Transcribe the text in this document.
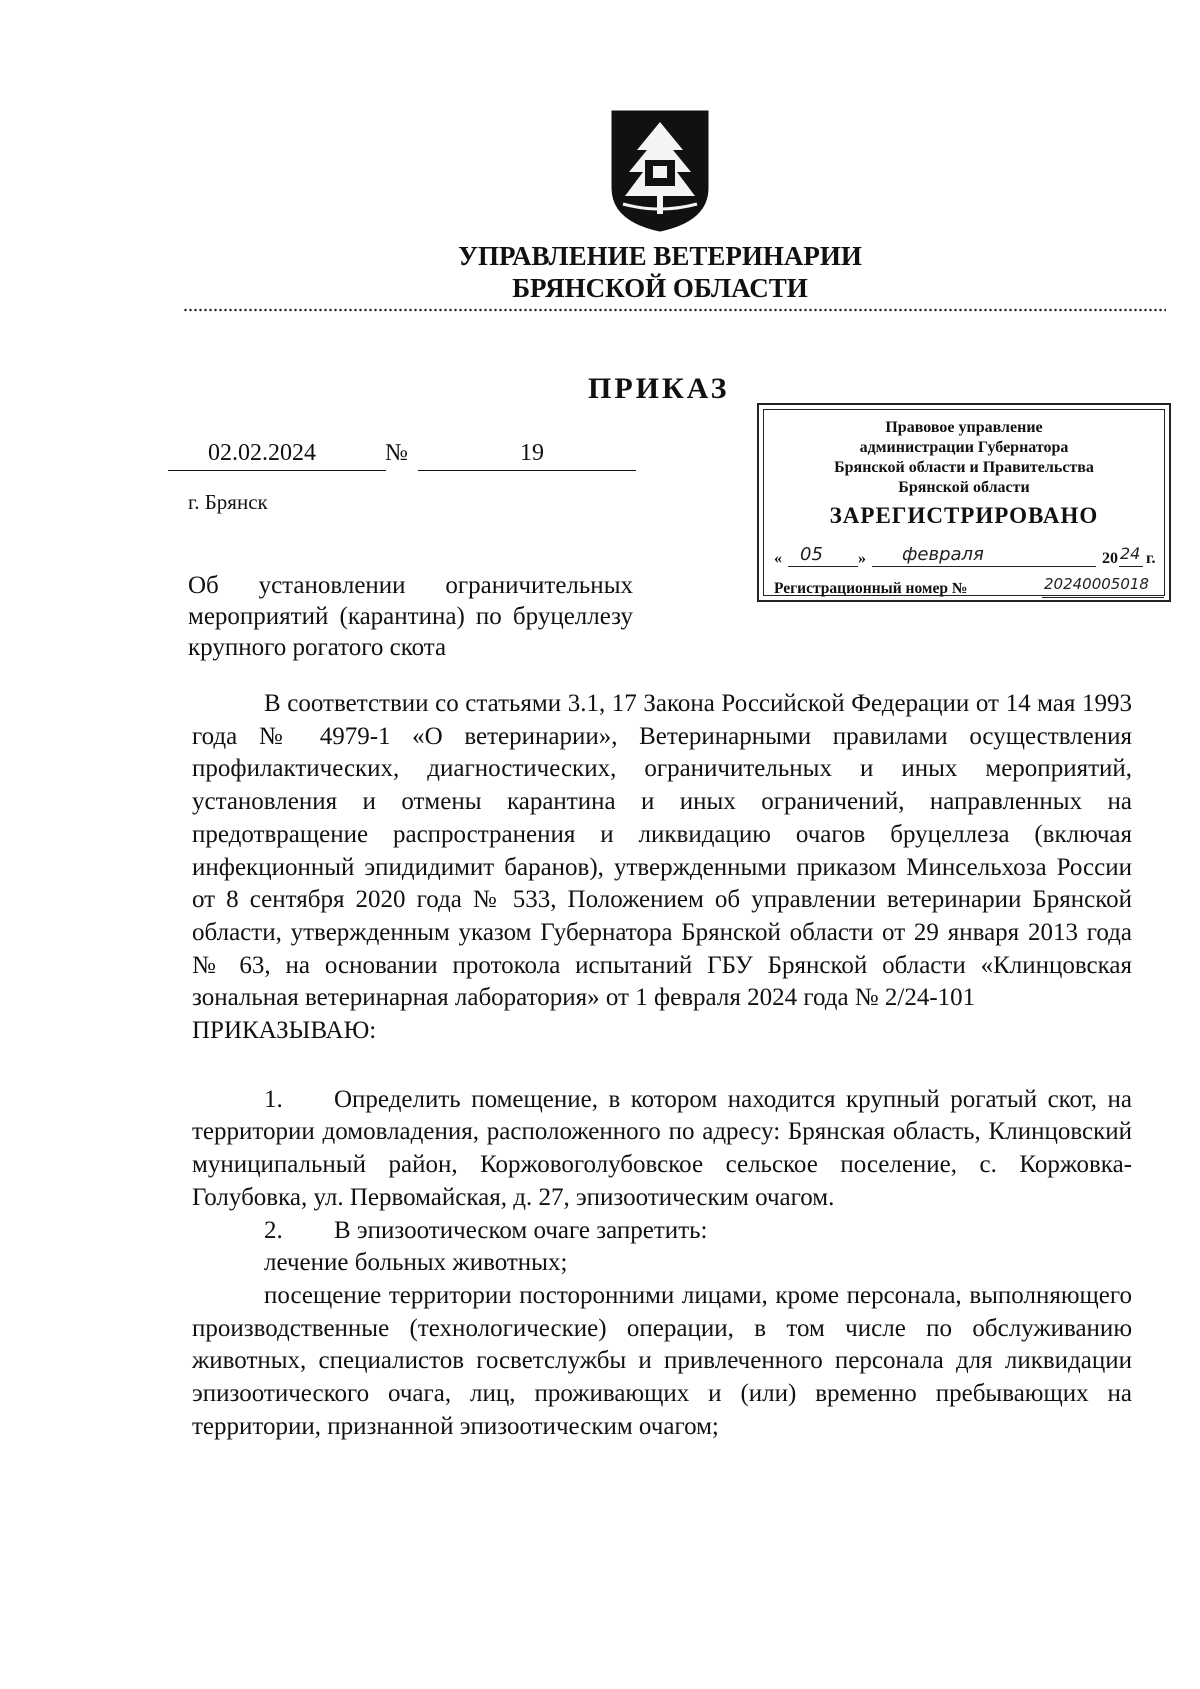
УПРАВЛЕНИЕ ВЕТЕРИНАРИИ
БРЯНСКОЙ ОБЛАСТИ
ПРИКАЗ
02.02.2024	№	19
г. Брянск
Об установлении ограничительных мероприятий (карантина) по бруцеллезу крупного рогатого скота
Правовое управление
администрации Губернатора
Брянской области и Правительства
Брянской области
ЗАРЕГИСТРИРОВАНО
« 05 » февраля	20 24 г.
Регистрационный номер №	20240005018

В соответствии со статьями 3.1, 17 Закона Российской Федерации от 14 мая 1993 года № 4979-1 «О ветеринарии», Ветеринарными правилами осуществления профилактических, диагностических, ограничительных и иных мероприятий, установления и отмены карантина и иных ограничений, направленных на предотвращение распространения и ликвидацию очагов бруцеллеза (включая инфекционный эпидидимит баранов), утвержденными приказом Минсельхоза России от 8 сентября 2020 года № 533, Положением об управлении ветеринарии Брянской области, утвержденным указом Губернатора Брянской области от 29 января 2013 года № 63, на основании протокола испытаний ГБУ Брянской области «Клинцовская зональная ветеринарная лаборатория» от 1 февраля 2024 года № 2/24-101

ПРИКАЗЫВАЮ:

1. Определить помещение, в котором находится крупный рогатый скот, на территории домовладения, расположенного по адресу: Брянская область, Клинцовский муниципальный район, Коржовоголубовское сельское поселение, с. Коржовка-Голубовка, ул. Первомайская, д. 27, эпизоотическим очагом.

2. В эпизоотическом очаге запретить:

лечение больных животных;

посещение территории посторонними лицами, кроме персонала, выполняющего производственные (технологические) операции, в том числе по обслуживанию животных, специалистов госветслужбы и привлеченного персонала для ликвидации эпизоотического очага, лиц, проживающих и (или) временно пребывающих на территории, признанной эпизоотическим очагом;
